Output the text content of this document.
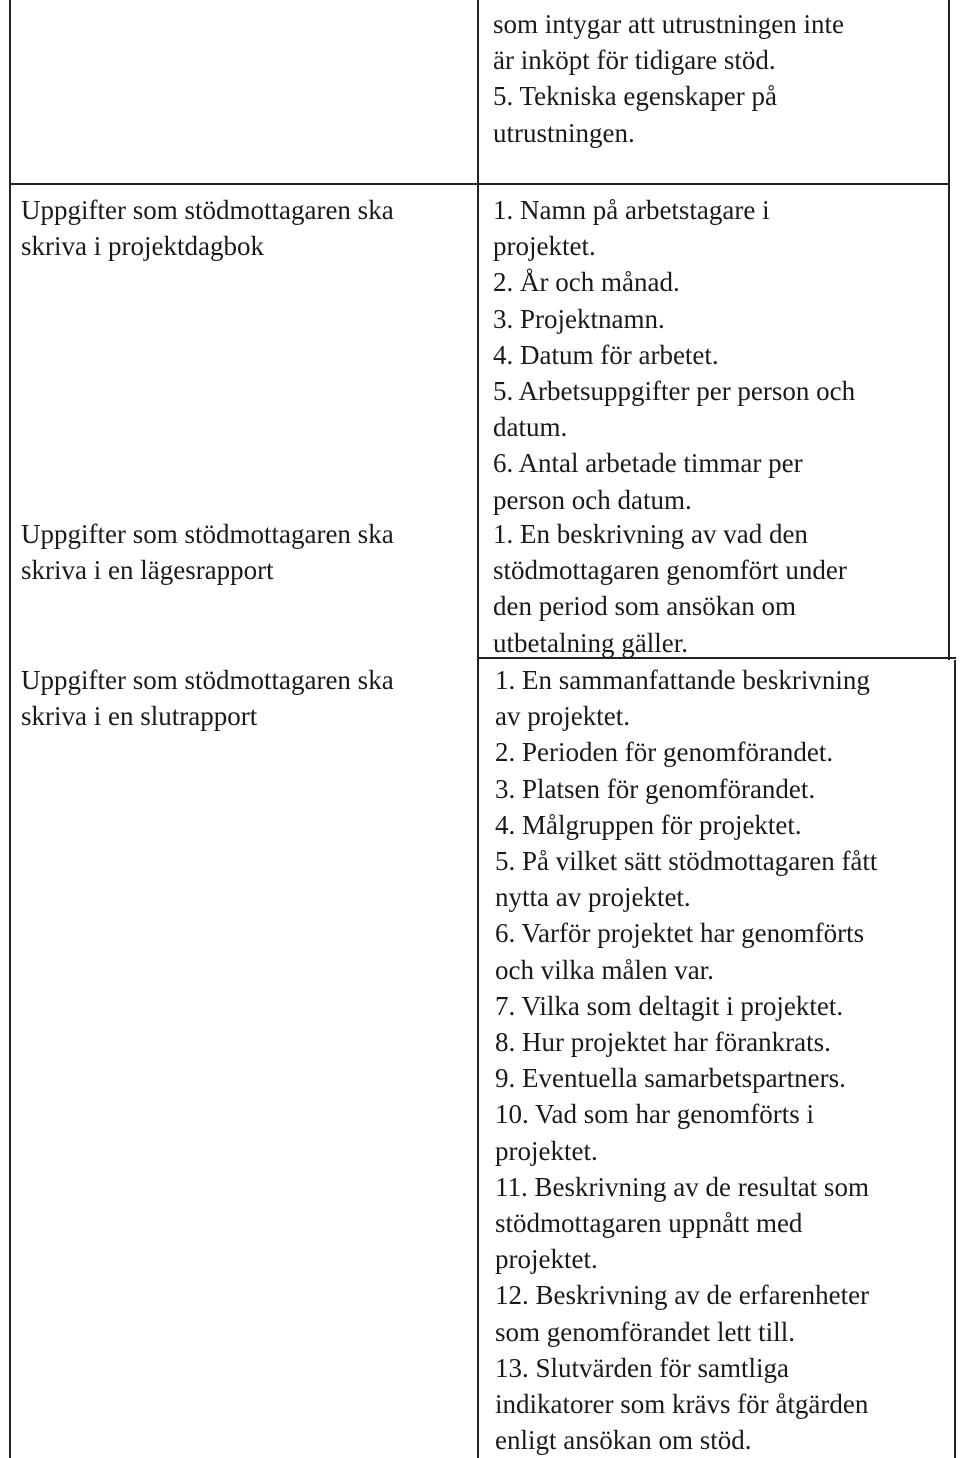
som intygar att utrustningen inte
är inköpt för tidigare stöd.
5. Tekniska egenskaper på
utrustningen.
Uppgifter som stödmottagaren ska
skriva i projektdagbok
1. Namn på arbetstagare i
projektet.
2. År och månad.
3. Projektnamn.
4. Datum för arbetet.
5. Arbetsuppgifter per person och
datum.
6. Antal arbetade timmar per
person och datum.
Uppgifter som stödmottagaren ska
skriva i en lägesrapport
1. En beskrivning av vad den
stödmottagaren genomfört under
den period som ansökan om
utbetalning gäller.
Uppgifter som stödmottagaren ska
skriva i en slutrapport
1. En sammanfattande beskrivning
av projektet.
2. Perioden för genomförandet.
3. Platsen för genomförandet.
4. Målgruppen för projektet.
5. På vilket sätt stödmottagaren fått
nytta av projektet.
6. Varför projektet har genomförts
och vilka målen var.
7. Vilka som deltagit i projektet.
8. Hur projektet har förankrats.
9. Eventuella samarbetspartners.
10. Vad som har genomförts i
projektet.
11. Beskrivning av de resultat som
stödmottagaren uppnått med
projektet.
12. Beskrivning av de erfarenheter
som genomförandet lett till.
13. Slutvärden för samtliga
indikatorer som krävs för åtgärden
enligt ansökan om stöd.
